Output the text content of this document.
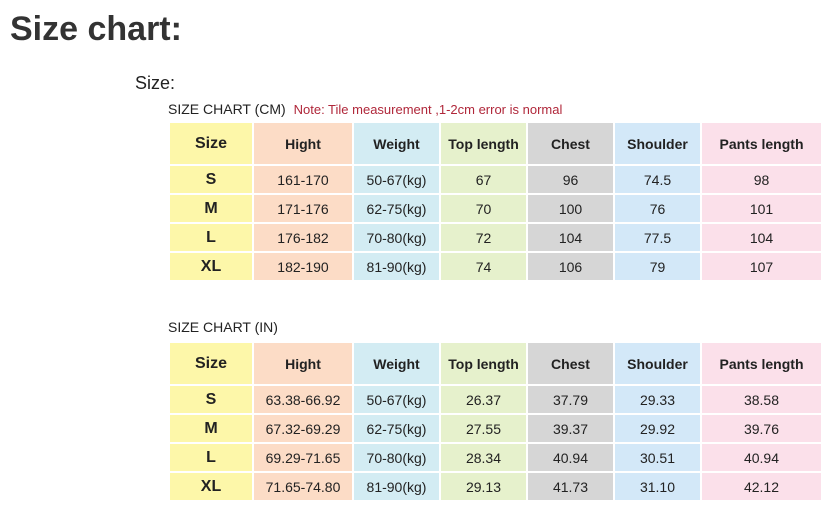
Size chart:
Size:
SIZE CHART (CM) Note: Tile measurement ,1-2cm error is normal
Size	Hight	Weight	Top length	Chest	Shoulder	Pants length
S	161-170	50-67(kg)	67	96	74.5	98
M	171-176	62-75(kg)	70	100	76	101
L	176-182	70-80(kg)	72	104	77.5	104
XL	182-190	81-90(kg)	74	106	79	107
SIZE CHART (IN)
Size	Hight	Weight	Top length	Chest	Shoulder	Pants length
S	63.38-66.92	50-67(kg)	26.37	37.79	29.33	38.58
M	67.32-69.29	62-75(kg)	27.55	39.37	29.92	39.76
L	69.29-71.65	70-80(kg)	28.34	40.94	30.51	40.94
XL	71.65-74.80	81-90(kg)	29.13	41.73	31.10	42.12
